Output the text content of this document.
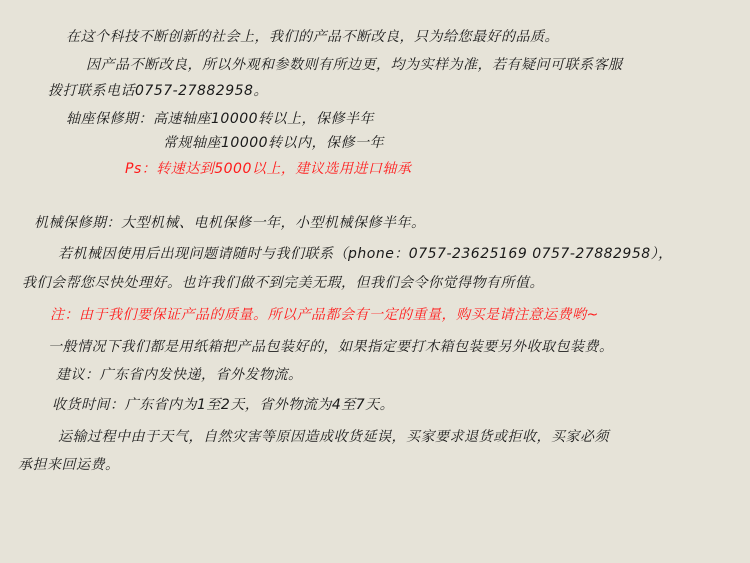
在这个科技不断创新的社会上，我们的产品不断改良，只为给您最好的品质。
因产品不断改良，所以外观和参数则有所边更，均为实样为准，若有疑问可联系客服
拨打联系电话0757-27882958。
轴座保修期：高速轴座10000转以上，保修半年
常规轴座10000转以内，保修一年
Ps：转速达到5000以上，建议选用进口轴承
机械保修期：大型机械、电机保修一年，小型机械保修半年。
若机械因使用后出现问题请随时与我们联系（phone：0757-23625169 0757-27882958），
我们会帮您尽快处理好。也许我们做不到完美无瑕，但我们会令你觉得物有所值。
注：由于我们要保证产品的质量。所以产品都会有一定的重量，购买是请注意运费哟~
一般情况下我们都是用纸箱把产品包装好的，如果指定要打木箱包装要另外收取包装费。
建议：广东省内发快递，省外发物流。
收货时间：广东省内为1至2天，省外物流为4至7天。
运输过程中由于天气，自然灾害等原因造成收货延误，买家要求退货或拒收，买家必须
承担来回运费。
